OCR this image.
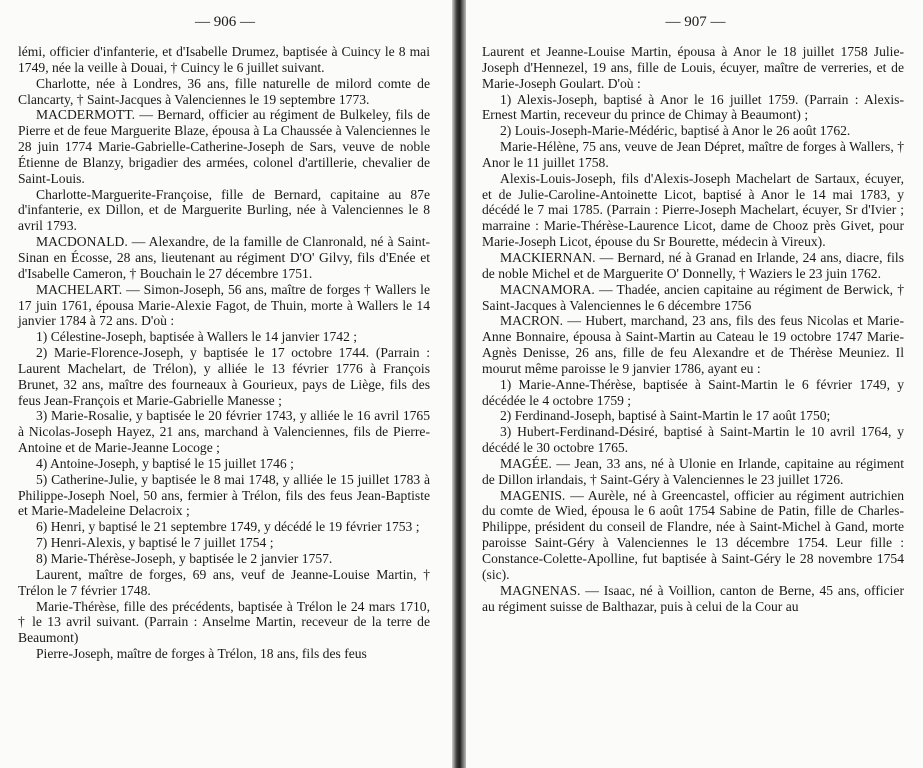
— 906 —

lémi, officier d'infanterie, et d'Isabelle Drumez, baptisée à Cuincy le 8 mai 1749, née la veille à Douai, † Cuincy le 6 juillet suivant.

Charlotte, née à Londres, 36 ans, fille naturelle de milord comte de Clancarty, † Saint-Jacques à Valenciennes le 19 septembre 1773.

MACDERMOTT. — Bernard, officier au régiment de Bulkeley, fils de Pierre et de feue Marguerite Blaze, épousa à La Chaussée à Valenciennes le 28 juin 1774 Marie-Gabrielle-Catherine-Joseph de Sars, veuve de noble Étienne de Blanzy, brigadier des armées, colonel d'artillerie, chevalier de Saint-Louis.

Charlotte-Marguerite-Françoise, fille de Bernard, capitaine au 87e d'infanterie, ex Dillon, et de Marguerite Burling, née à Valenciennes le 8 avril 1793.

MACDONALD. — Alexandre, de la famille de Clanronald, né à Saint-Sinan en Écosse, 28 ans, lieutenant au régiment D'O' Gilvy, fils d'Enée et d'Isabelle Cameron, † Bouchain le 27 décembre 1751.

MACHELART. — Simon-Joseph, 56 ans, maître de forges † Wallers le 17 juin 1761, épousa Marie-Alexie Fagot, de Thuin, morte à Wallers le 14 janvier 1784 à 72 ans. D'où :

1) Célestine-Joseph, baptisée à Wallers le 14 janvier 1742 ;

2) Marie-Florence-Joseph, y baptisée le 17 octobre 1744. (Parrain : Laurent Machelart, de Trélon), y alliée le 13 février 1776 à François Brunet, 32 ans, maître des fourneaux à Gourieux, pays de Liège, fils des feus Jean-François et Marie-Gabrielle Manesse ;

3) Marie-Rosalie, y baptisée le 20 février 1743, y alliée le 16 avril 1765 à Nicolas-Joseph Hayez, 21 ans, marchand à Valenciennes, fils de Pierre-Antoine et de Marie-Jeanne Locoge ;

4) Antoine-Joseph, y baptisé le 15 juillet 1746 ;

5) Catherine-Julie, y baptisée le 8 mai 1748, y alliée le 15 juillet 1783 à Philippe-Joseph Noel, 50 ans, fermier à Trélon, fils des feus Jean-Baptiste et Marie-Madeleine Delacroix ;

6) Henri, y baptisé le 21 septembre 1749, y décédé le 19 février 1753 ;

7) Henri-Alexis, y baptisé le 7 juillet 1754 ;

8) Marie-Thérèse-Joseph, y baptisée le 2 janvier 1757.

Laurent, maître de forges, 69 ans, veuf de Jeanne-Louise Martin, † Trélon le 7 février 1748.

Marie-Thérèse, fille des précédents, baptisée à Trélon le 24 mars 1710, † le 13 avril suivant. (Parrain : Anselme Martin, receveur de la terre de Beaumont)

Pierre-Joseph, maître de forges à Trélon, 18 ans, fils des feus

— 907 —

Laurent et Jeanne-Louise Martin, épousa à Anor le 18 juillet 1758 Julie-Joseph d'Hennezel, 19 ans, fille de Louis, écuyer, maître de verreries, et de Marie-Joseph Goulart. D'où :

1) Alexis-Joseph, baptisé à Anor le 16 juillet 1759. (Parrain : Alexis-Ernest Martin, receveur du prince de Chimay à Beaumont) ;

2) Louis-Joseph-Marie-Médéric, baptisé à Anor le 26 août 1762.

Marie-Hélène, 75 ans, veuve de Jean Dépret, maître de forges à Wallers, † Anor le 11 juillet 1758.

Alexis-Louis-Joseph, fils d'Alexis-Joseph Machelart de Sartaux, écuyer, et de Julie-Caroline-Antoinette Licot, baptisé à Anor le 14 mai 1783, y décédé le 7 mai 1785. (Parrain : Pierre-Joseph Machelart, écuyer, Sr d'Ivier ; marraine : Marie-Thérèse-Laurence Licot, dame de Chooz près Givet, pour Marie-Joseph Licot, épouse du Sr Bourette, médecin à Vireux).

MACKIERNAN. — Bernard, né à Granad en Irlande, 24 ans, diacre, fils de noble Michel et de Marguerite O' Donnelly, † Waziers le 23 juin 1762.

MACNAMORA. — Thadée, ancien capitaine au régiment de Berwick, † Saint-Jacques à Valenciennes le 6 décembre 1756

MACRON. — Hubert, marchand, 23 ans, fils des feus Nicolas et Marie-Anne Bonnaire, épousa à Saint-Martin au Cateau le 19 octobre 1747 Marie-Agnès Denisse, 26 ans, fille de feu Alexandre et de Thérèse Meuniez. Il mourut même paroisse le 9 janvier 1786, ayant eu :

1) Marie-Anne-Thérèse, baptisée à Saint-Martin le 6 février 1749, y décédée le 4 octobre 1759 ;

2) Ferdinand-Joseph, baptisé à Saint-Martin le 17 août 1750;

3) Hubert-Ferdinand-Désiré, baptisé à Saint-Martin le 10 avril 1764, y décédé le 30 octobre 1765.

MAGÉE. — Jean, 33 ans, né à Ulonie en Irlande, capitaine au régiment de Dillon irlandais, † Saint-Géry à Valenciennes le 23 juillet 1726.

MAGENIS. — Aurèle, né à Greencastel, officier au régiment autrichien du comte de Wied, épousa le 6 août 1754 Sabine de Patin, fille de Charles-Philippe, président du conseil de Flandre, née à Saint-Michel à Gand, morte paroisse Saint-Géry à Valenciennes le 13 décembre 1754. Leur fille : Constance-Colette-Apolline, fut baptisée à Saint-Géry le 28 novembre 1754 (sic).

MAGNENAS. — Isaac, né à Voillion, canton de Berne, 45 ans, officier au régiment suisse de Balthazar, puis à celui de la Cour au
